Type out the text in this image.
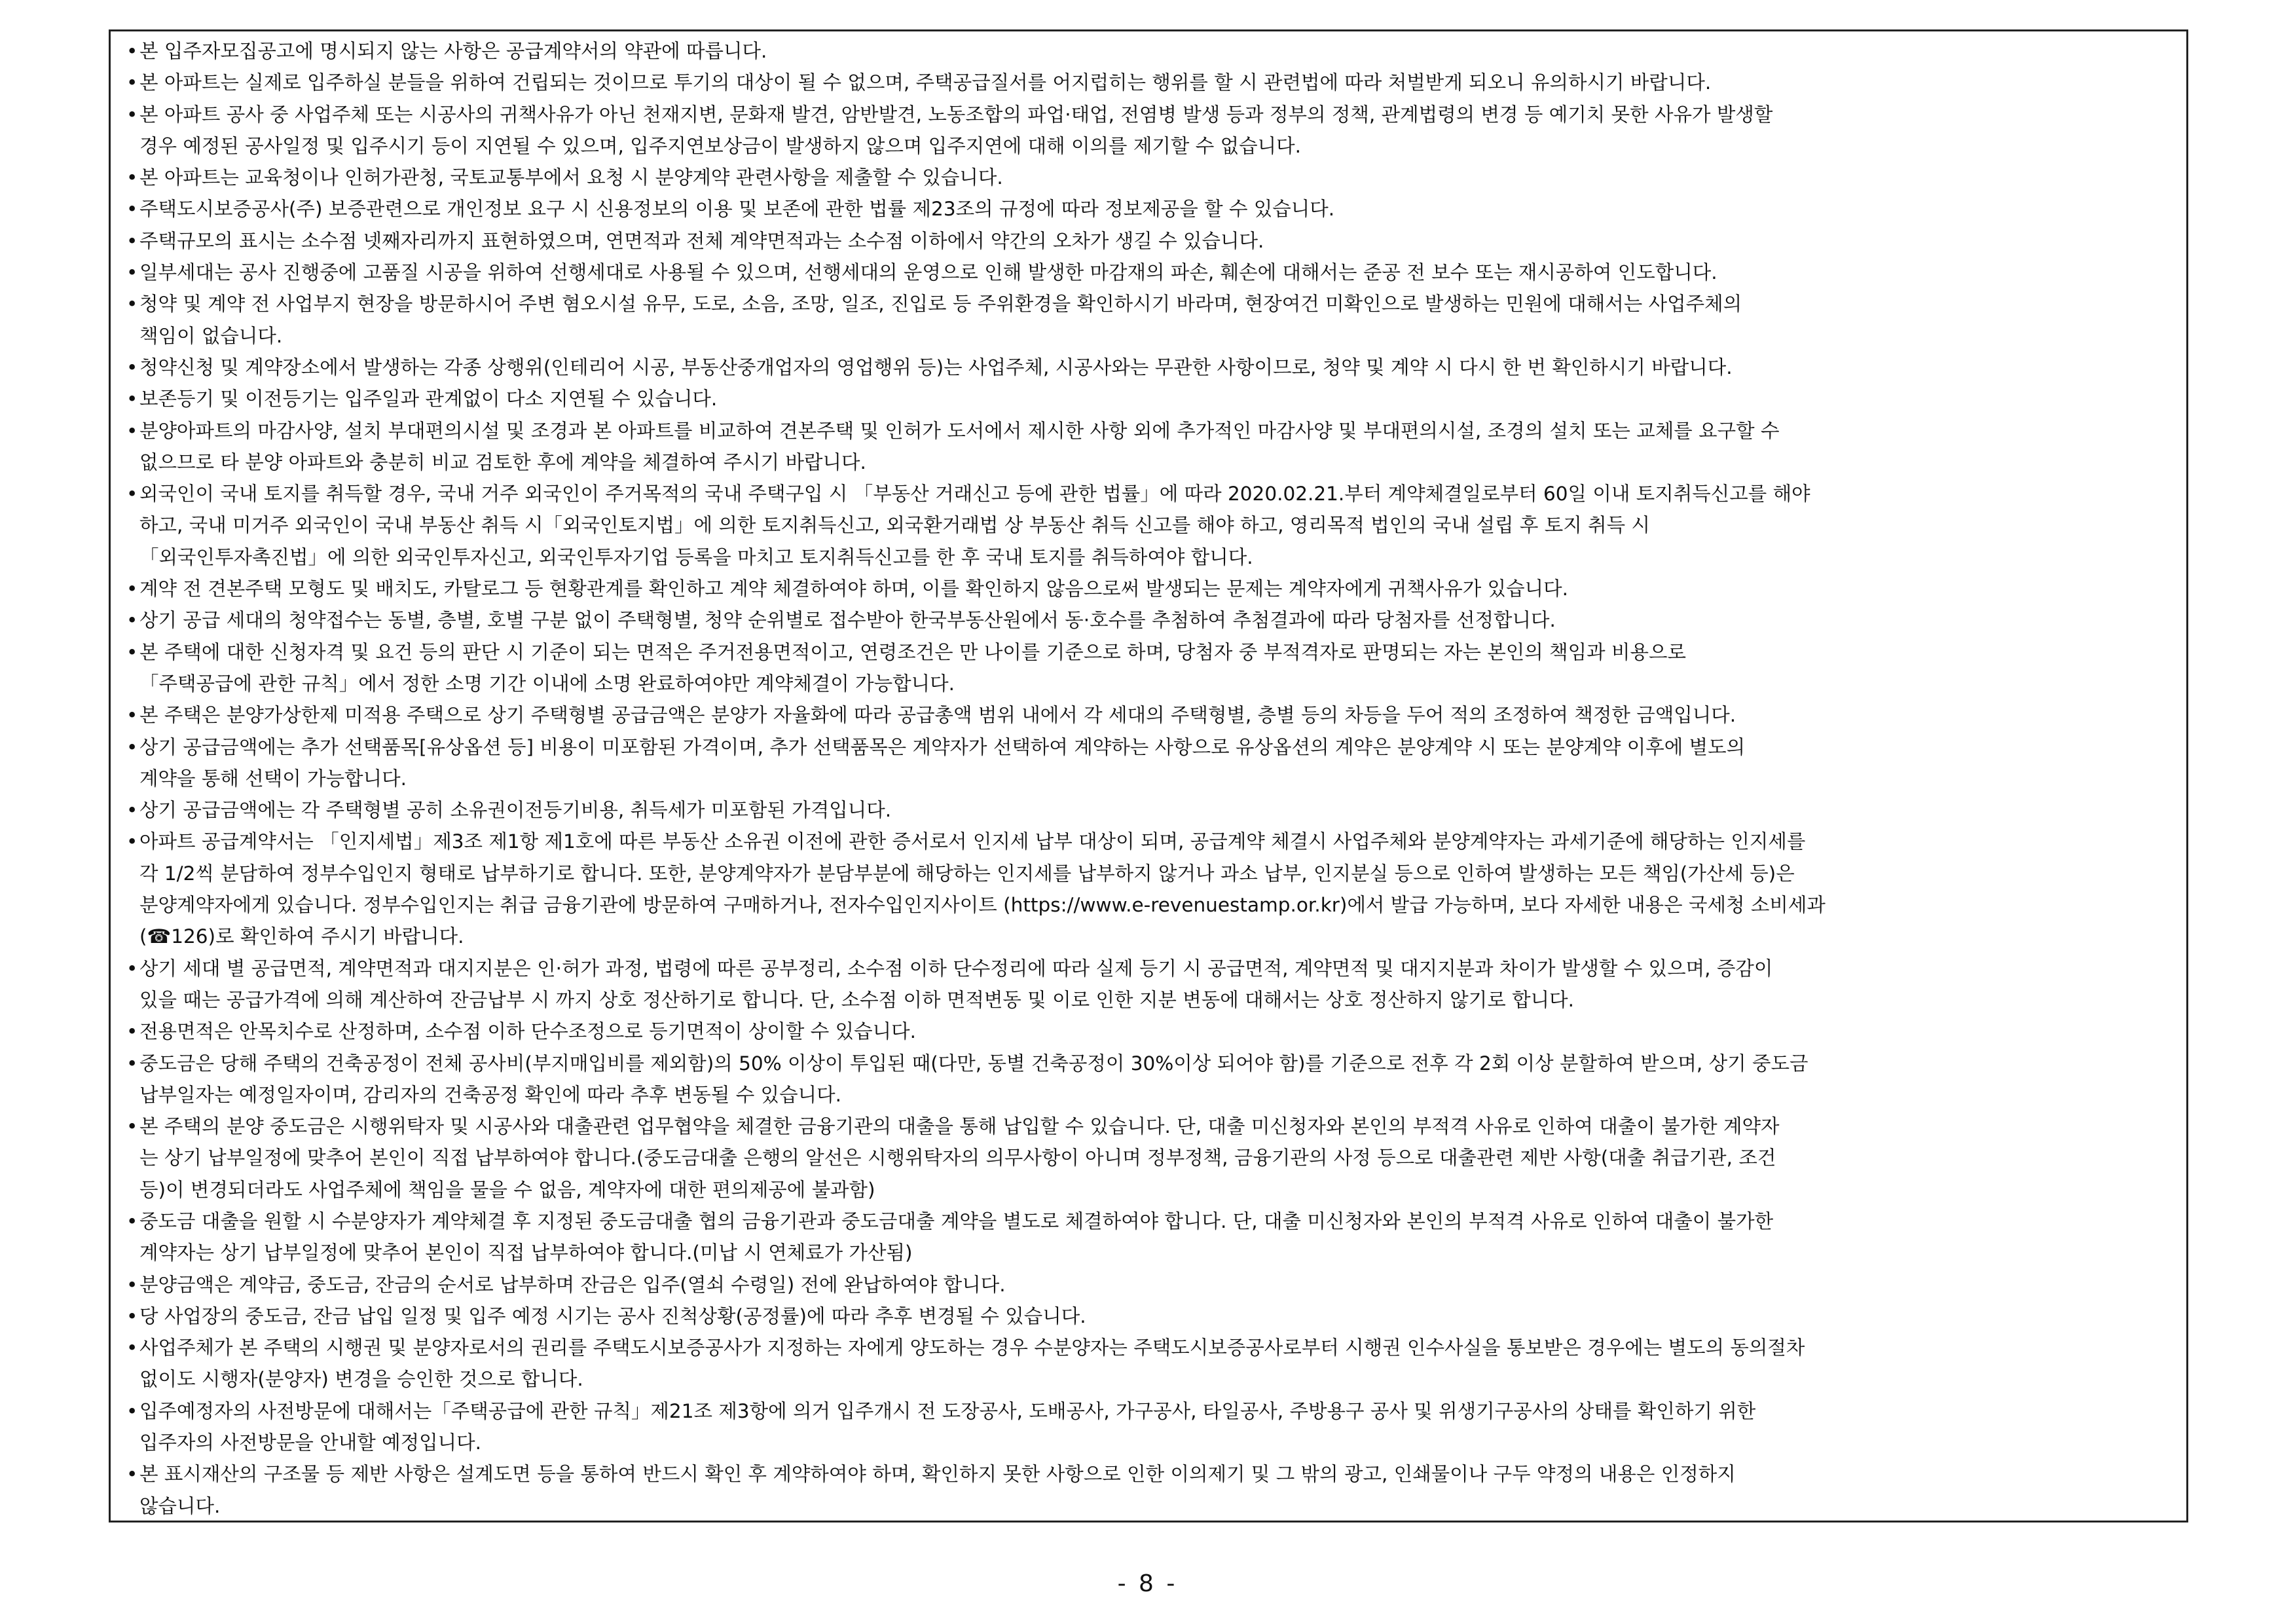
•본 입주자모집공고에 명시되지 않는 사항은 공급계약서의 약관에 따릅니다.
•본 아파트는 실제로 입주하실 분들을 위하여 건립되는 것이므로 투기의 대상이 될 수 없으며, 주택공급질서를 어지럽히는 행위를 할 시 관련법에 따라 처벌받게 되오니 유의하시기 바랍니다.
•본 아파트 공사 중 사업주체 또는 시공사의 귀책사유가 아닌 천재지변, 문화재 발견, 암반발견, 노동조합의 파업·태업, 전염병 발생 등과 정부의 정책, 관계법령의 변경 등 예기치 못한 사유가 발생할
경우 예정된 공사일정 및 입주시기 등이 지연될 수 있으며, 입주지연보상금이 발생하지 않으며 입주지연에 대해 이의를 제기할 수 없습니다.
•본 아파트는 교육청이나 인허가관청, 국토교통부에서 요청 시 분양계약 관련사항을 제출할 수 있습니다.
•주택도시보증공사(주) 보증관련으로 개인정보 요구 시 신용정보의 이용 및 보존에 관한 법률 제23조의 규정에 따라 정보제공을 할 수 있습니다.
•주택규모의 표시는 소수점 넷째자리까지 표현하였으며, 연면적과 전체 계약면적과는 소수점 이하에서 약간의 오차가 생길 수 있습니다.
•일부세대는 공사 진행중에 고품질 시공을 위하여 선행세대로 사용될 수 있으며, 선행세대의 운영으로 인해 발생한 마감재의 파손, 훼손에 대해서는 준공 전 보수 또는 재시공하여 인도합니다.
•청약 및 계약 전 사업부지 현장을 방문하시어 주변 혐오시설 유무, 도로, 소음, 조망, 일조, 진입로 등 주위환경을 확인하시기 바라며, 현장여건 미확인으로 발생하는 민원에 대해서는 사업주체의
책임이 없습니다.
•청약신청 및 계약장소에서 발생하는 각종 상행위(인테리어 시공, 부동산중개업자의 영업행위 등)는 사업주체, 시공사와는 무관한 사항이므로, 청약 및 계약 시 다시 한 번 확인하시기 바랍니다.
•보존등기 및 이전등기는 입주일과 관계없이 다소 지연될 수 있습니다.
•분양아파트의 마감사양, 설치 부대편의시설 및 조경과 본 아파트를 비교하여 견본주택 및 인허가 도서에서 제시한 사항 외에 추가적인 마감사양 및 부대편의시설, 조경의 설치 또는 교체를 요구할 수
없으므로 타 분양 아파트와 충분히 비교 검토한 후에 계약을 체결하여 주시기 바랍니다.
•외국인이 국내 토지를 취득할 경우, 국내 거주 외국인이 주거목적의 국내 주택구입 시 「부동산 거래신고 등에 관한 법률」에 따라 2020.02.21.부터 계약체결일로부터 60일 이내 토지취득신고를 해야
하고, 국내 미거주 외국인이 국내 부동산 취득 시「외국인토지법」에 의한 토지취득신고, 외국환거래법 상 부동산 취득 신고를 해야 하고, 영리목적 법인의 국내 설립 후 토지 취득 시
「외국인투자촉진법」에 의한 외국인투자신고, 외국인투자기업 등록을 마치고 토지취득신고를 한 후 국내 토지를 취득하여야 합니다.
•계약 전 견본주택 모형도 및 배치도, 카탈로그 등 현황관계를 확인하고 계약 체결하여야 하며, 이를 확인하지 않음으로써 발생되는 문제는 계약자에게 귀책사유가 있습니다.
•상기 공급 세대의 청약접수는 동별, 층별, 호별 구분 없이 주택형별, 청약 순위별로 접수받아 한국부동산원에서 동·호수를 추첨하여 추첨결과에 따라 당첨자를 선정합니다.
•본 주택에 대한 신청자격 및 요건 등의 판단 시 기준이 되는 면적은 주거전용면적이고, 연령조건은 만 나이를 기준으로 하며, 당첨자 중 부적격자로 판명되는 자는 본인의 책임과 비용으로
「주택공급에 관한 규칙」에서 정한 소명 기간 이내에 소명 완료하여야만 계약체결이 가능합니다.
•본 주택은 분양가상한제 미적용 주택으로 상기 주택형별 공급금액은 분양가 자율화에 따라 공급총액 범위 내에서 각 세대의 주택형별, 층별 등의 차등을 두어 적의 조정하여 책정한 금액입니다.
•상기 공급금액에는 추가 선택품목[유상옵션 등] 비용이 미포함된 가격이며, 추가 선택품목은 계약자가 선택하여 계약하는 사항으로 유상옵션의 계약은 분양계약 시 또는 분양계약 이후에 별도의
계약을 통해 선택이 가능합니다.
•상기 공급금액에는 각 주택형별 공히 소유권이전등기비용, 취득세가 미포함된 가격입니다.
•아파트 공급계약서는 「인지세법」제3조 제1항 제1호에 따른 부동산 소유권 이전에 관한 증서로서 인지세 납부 대상이 되며, 공급계약 체결시 사업주체와 분양계약자는 과세기준에 해당하는 인지세를
각 1/2씩 분담하여 정부수입인지 형태로 납부하기로 합니다. 또한, 분양계약자가 분담부분에 해당하는 인지세를 납부하지 않거나 과소 납부, 인지분실 등으로 인하여 발생하는 모든 책임(가산세 등)은
분양계약자에게 있습니다. 정부수입인지는 취급 금융기관에 방문하여 구매하거나, 전자수입인지사이트 (https://www.e-revenuestamp.or.kr)에서 발급 가능하며, 보다 자세한 내용은 국세청 소비세과
(☎126)로 확인하여 주시기 바랍니다.
•상기 세대 별 공급면적, 계약면적과 대지지분은 인·허가 과정, 법령에 따른 공부정리, 소수점 이하 단수정리에 따라 실제 등기 시 공급면적, 계약면적 및 대지지분과 차이가 발생할 수 있으며, 증감이
있을 때는 공급가격에 의해 계산하여 잔금납부 시 까지 상호 정산하기로 합니다. 단, 소수점 이하 면적변동 및 이로 인한 지분 변동에 대해서는 상호 정산하지 않기로 합니다.
•전용면적은 안목치수로 산정하며, 소수점 이하 단수조정으로 등기면적이 상이할 수 있습니다.
•중도금은 당해 주택의 건축공정이 전체 공사비(부지매입비를 제외함)의 50% 이상이 투입된 때(다만, 동별 건축공정이 30%이상 되어야 함)를 기준으로 전후 각 2회 이상 분할하여 받으며, 상기 중도금
납부일자는 예정일자이며, 감리자의 건축공정 확인에 따라 추후 변동될 수 있습니다.
•본 주택의 분양 중도금은 시행위탁자 및 시공사와 대출관련 업무협약을 체결한 금융기관의 대출을 통해 납입할 수 있습니다. 단, 대출 미신청자와 본인의 부적격 사유로 인하여 대출이 불가한 계약자
는 상기 납부일정에 맞추어 본인이 직접 납부하여야 합니다.(중도금대출 은행의 알선은 시행위탁자의 의무사항이 아니며 정부정책, 금융기관의 사정 등으로 대출관련 제반 사항(대출 취급기관, 조건
등)이 변경되더라도 사업주체에 책임을 물을 수 없음, 계약자에 대한 편의제공에 불과함)
•중도금 대출을 원할 시 수분양자가 계약체결 후 지정된 중도금대출 협의 금융기관과 중도금대출 계약을 별도로 체결하여야 합니다. 단, 대출 미신청자와 본인의 부적격 사유로 인하여 대출이 불가한
계약자는 상기 납부일정에 맞추어 본인이 직접 납부하여야 합니다.(미납 시 연체료가 가산됨)
•분양금액은 계약금, 중도금, 잔금의 순서로 납부하며 잔금은 입주(열쇠 수령일) 전에 완납하여야 합니다.
•당 사업장의 중도금, 잔금 납입 일정 및 입주 예정 시기는 공사 진척상황(공정률)에 따라 추후 변경될 수 있습니다.
•사업주체가 본 주택의 시행권 및 분양자로서의 권리를 주택도시보증공사가 지정하는 자에게 양도하는 경우 수분양자는 주택도시보증공사로부터 시행권 인수사실을 통보받은 경우에는 별도의 동의절차
없이도 시행자(분양자) 변경을 승인한 것으로 합니다.
•입주예정자의 사전방문에 대해서는「주택공급에 관한 규칙」제21조 제3항에 의거 입주개시 전 도장공사, 도배공사, 가구공사, 타일공사, 주방용구 공사 및 위생기구공사의 상태를 확인하기 위한
입주자의 사전방문을 안내할 예정입니다.
•본 표시재산의 구조물 등 제반 사항은 설계도면 등을 통하여 반드시 확인 후 계약하여야 하며, 확인하지 못한 사항으로 인한 이의제기 및 그 밖의 광고, 인쇄물이나 구두 약정의 내용은 인정하지
않습니다.
- 8 -
